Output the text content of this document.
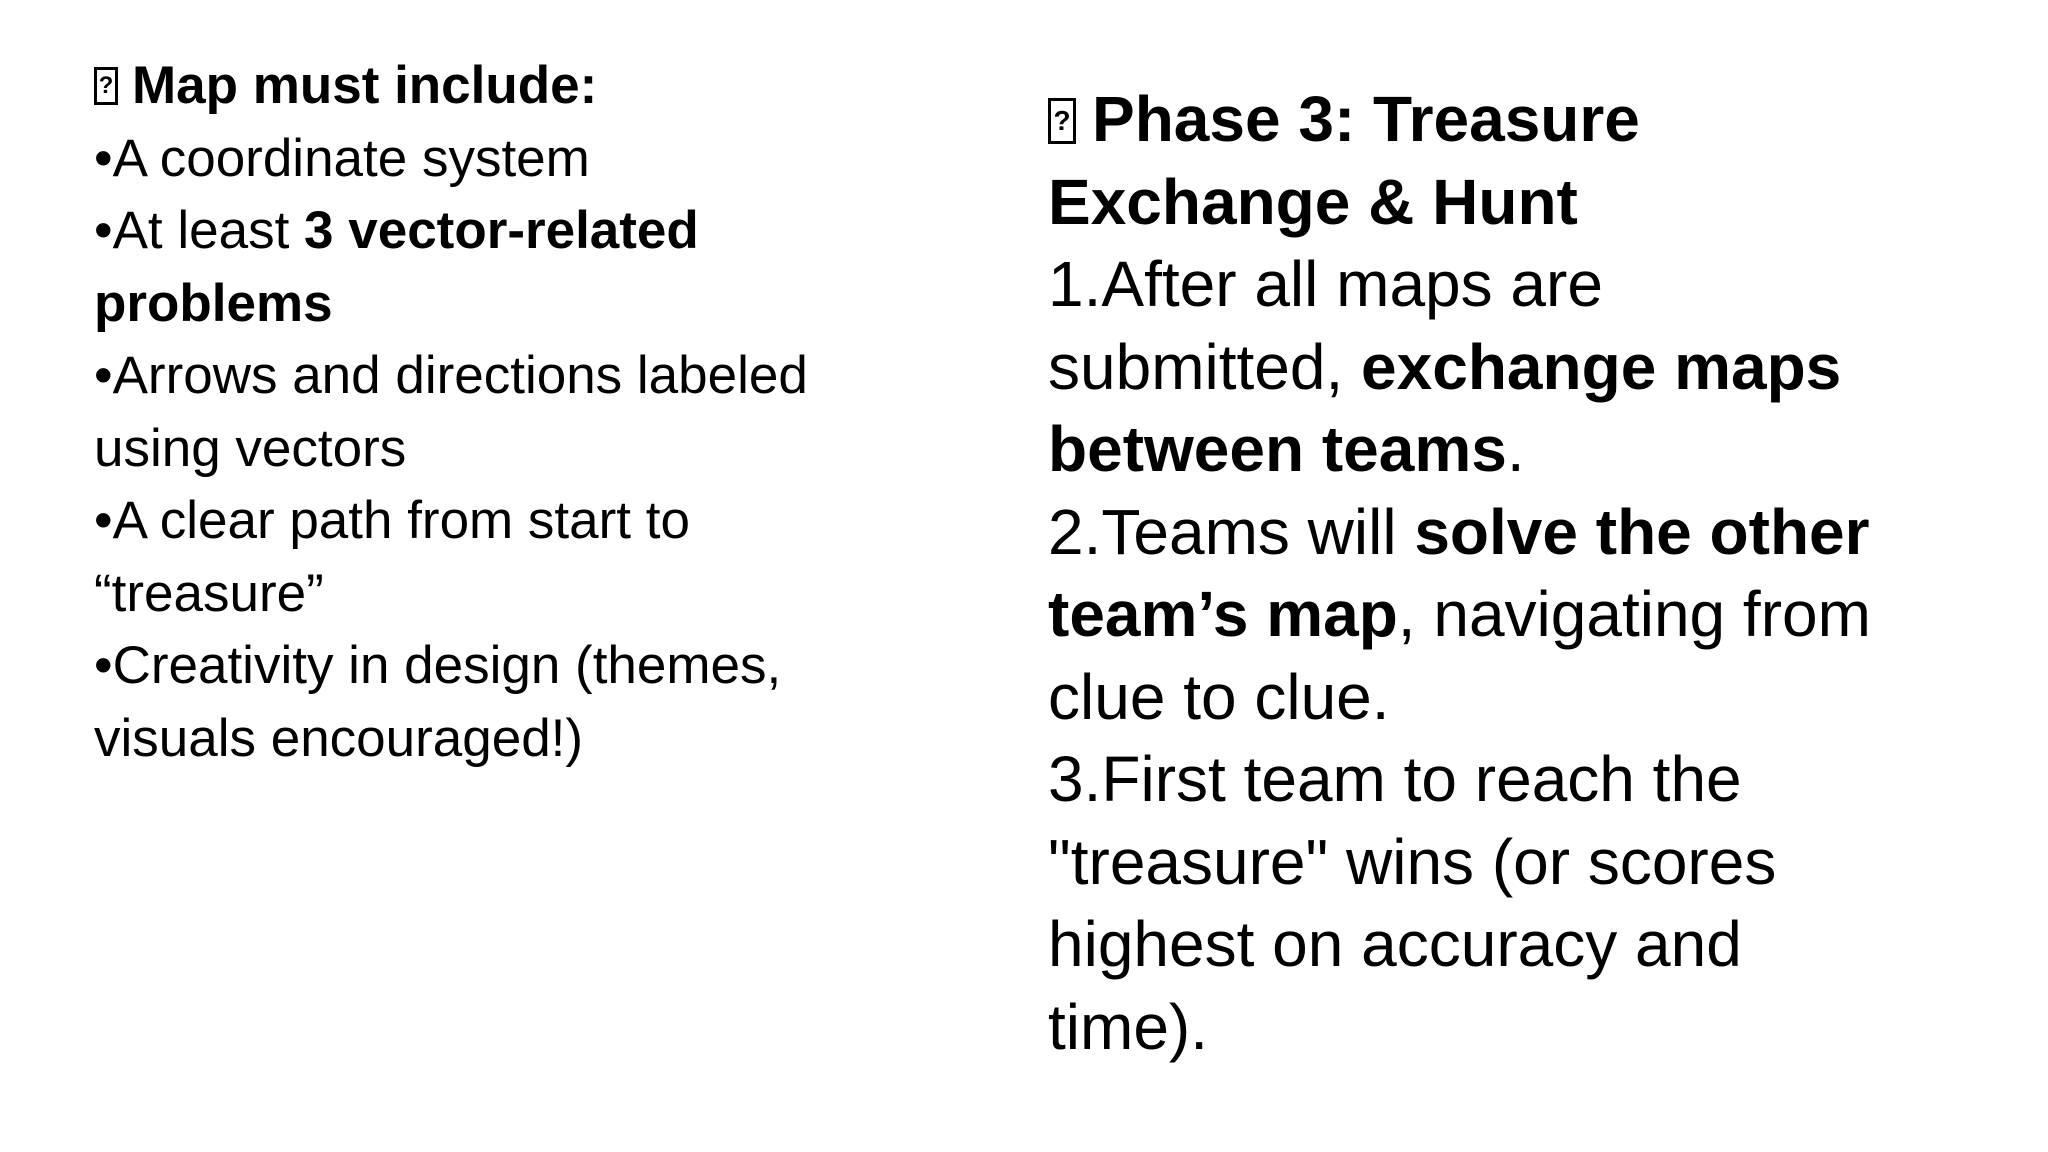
?Map must include:
•A coordinate system
•At least 3 vector-related problems
•Arrows and directions labeled using vectors
•A clear path from start to “treasure”
•Creativity in design (themes, visuals encouraged!)
?Phase 3: Treasure Exchange & Hunt
1.After all maps are submitted, exchange maps between teams.
2.Teams will solve the other team’s map, navigating from clue to clue.
3.First team to reach the "treasure" wins (or scores highest on accuracy and time).
